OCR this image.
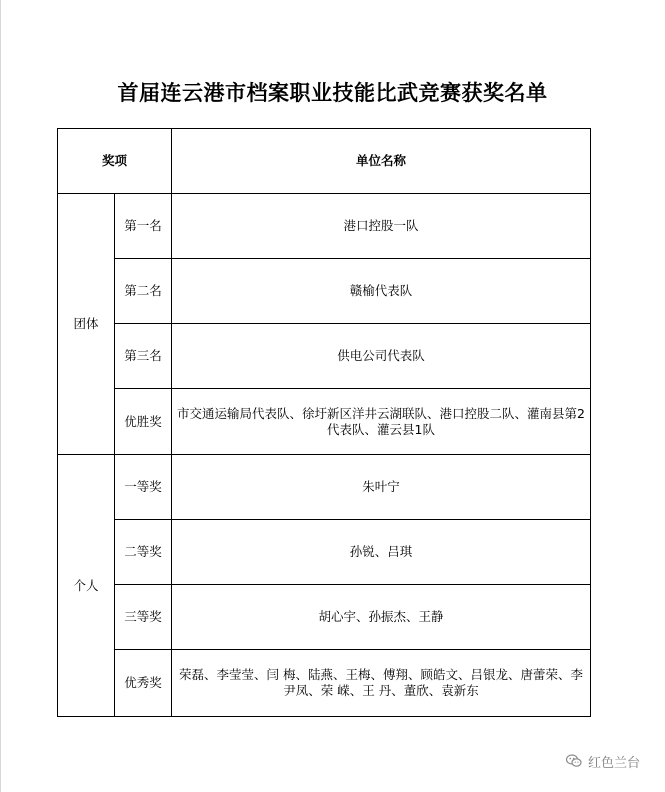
首届连云港市档案职业技能比武竞赛获奖名单
奖项		单位名称
团体	第一名	港口控股一队
	第二名	赣榆代表队
	第三名	供电公司代表队
	优胜奖	市交通运输局代表队、徐圩新区洋井云湖联队、港口控股二队、灌南县第2代表队、灌云县1队
个人	一等奖	朱叶宁
	二等奖	孙锐、吕琪
	三等奖	胡心宇、孙振杰、王静
	优秀奖	荣磊、李莹莹、闫 梅、陆燕、王梅、傅翔、顾皓文、吕银龙、唐蕾荣、李尹凤、荣 嵘、王 丹、董欣、袁新东
红色兰台
